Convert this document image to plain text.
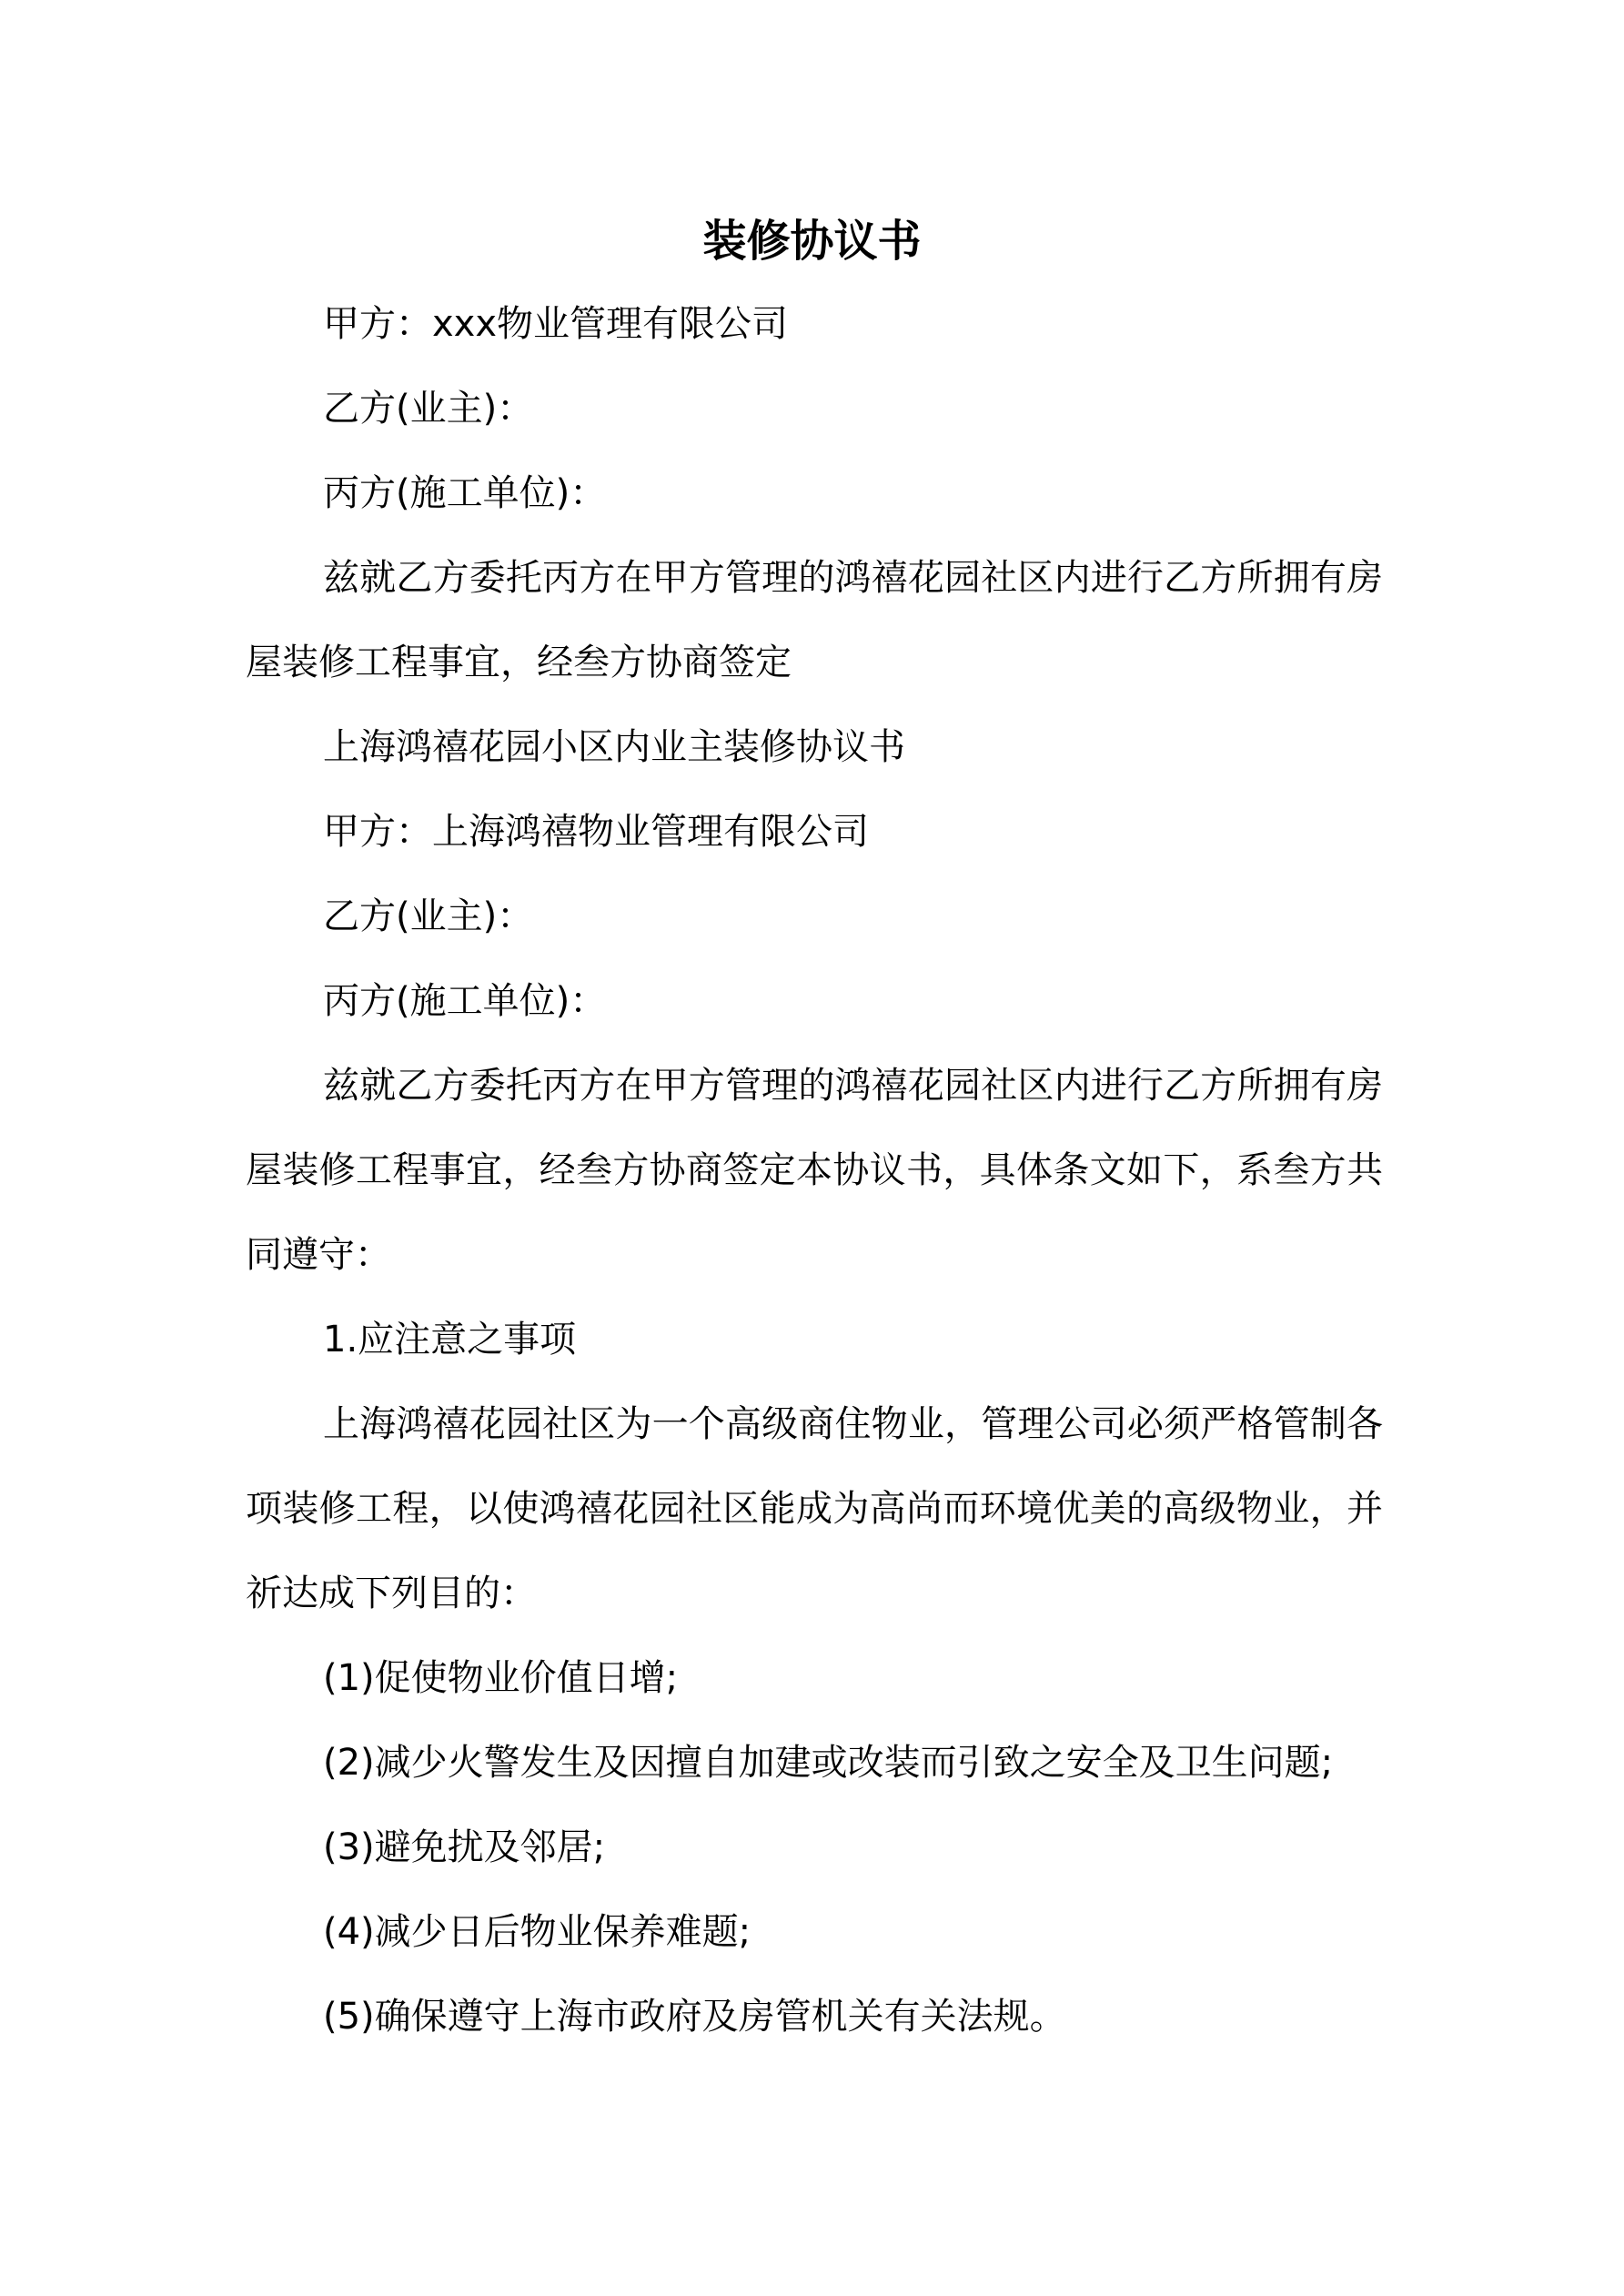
装修协议书

甲方：xxx物业管理有限公司

乙方(业主)：

丙方(施工单位)：

兹就乙方委托丙方在甲方管理的鸿禧花园社区内进行乙方所拥有房屋装修工程事宜，经叁方协商签定

上海鸿禧花园小区内业主装修协议书

甲方：上海鸿禧物业管理有限公司

乙方(业主)：

丙方(施工单位)：

兹就乙方委托丙方在甲方管理的鸿禧花园社区内进行乙方所拥有房屋装修工程事宜，经叁方协商签定本协议书，具体条文如下，系叁方共同遵守：

1.应注意之事项

上海鸿禧花园社区为一个高级商住物业，管理公司必须严格管制各项装修工程，以使鸿禧花园社区能成为高尚而环境优美的高级物业，并祈达成下列目的：

(1)促使物业价值日增;

(2)减少火警发生及因擅自加建或改装而引致之安全及卫生问题;

(3)避免扰及邻居;

(4)减少日后物业保养难题;

(5)确保遵守上海市政府及房管机关有关法规。
